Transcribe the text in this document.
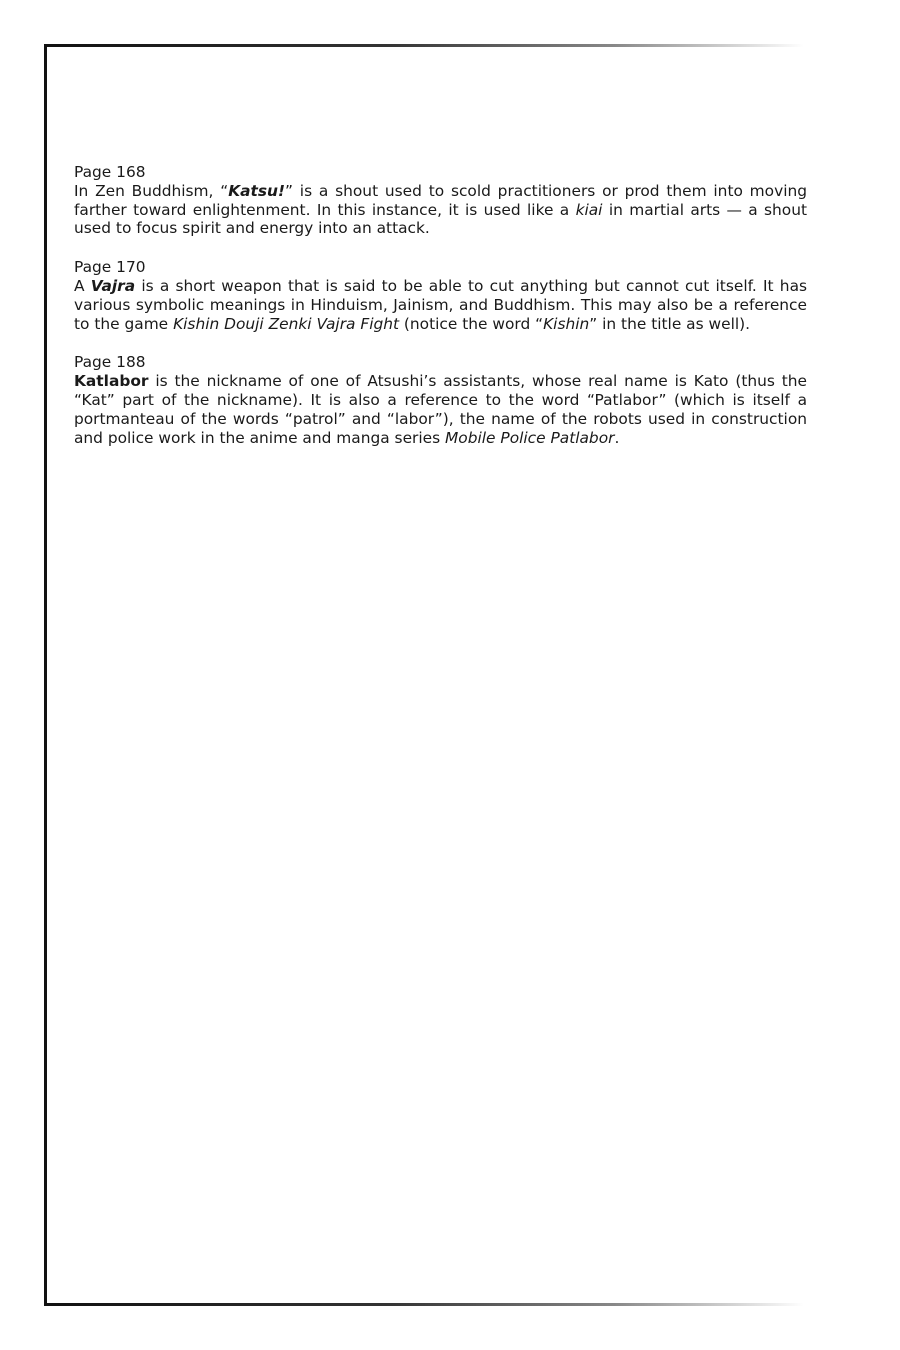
Page 168
In Zen Buddhism, “Katsu!” is a shout used to scold practitioners or prod them into moving farther toward enlightenment. In this instance, it is used like a kiai in martial arts — a shout used to focus spirit and energy into an attack.
Page 170
A Vajra is a short weapon that is said to be able to cut anything but cannot cut itself. It has various symbolic meanings in Hinduism, Jainism, and Buddhism. This may also be a reference to the game Kishin Douji Zenki Vajra Fight (notice the word “Kishin” in the title as well).
Page 188
Katlabor is the nickname of one of Atsushi’s assistants, whose real name is Kato (thus the “Kat” part of the nickname). It is also a reference to the word “Patlabor” (which is itself a portmanteau of the words “patrol” and “labor”), the name of the robots used in construction and police work in the anime and manga series Mobile Police Patlabor.
